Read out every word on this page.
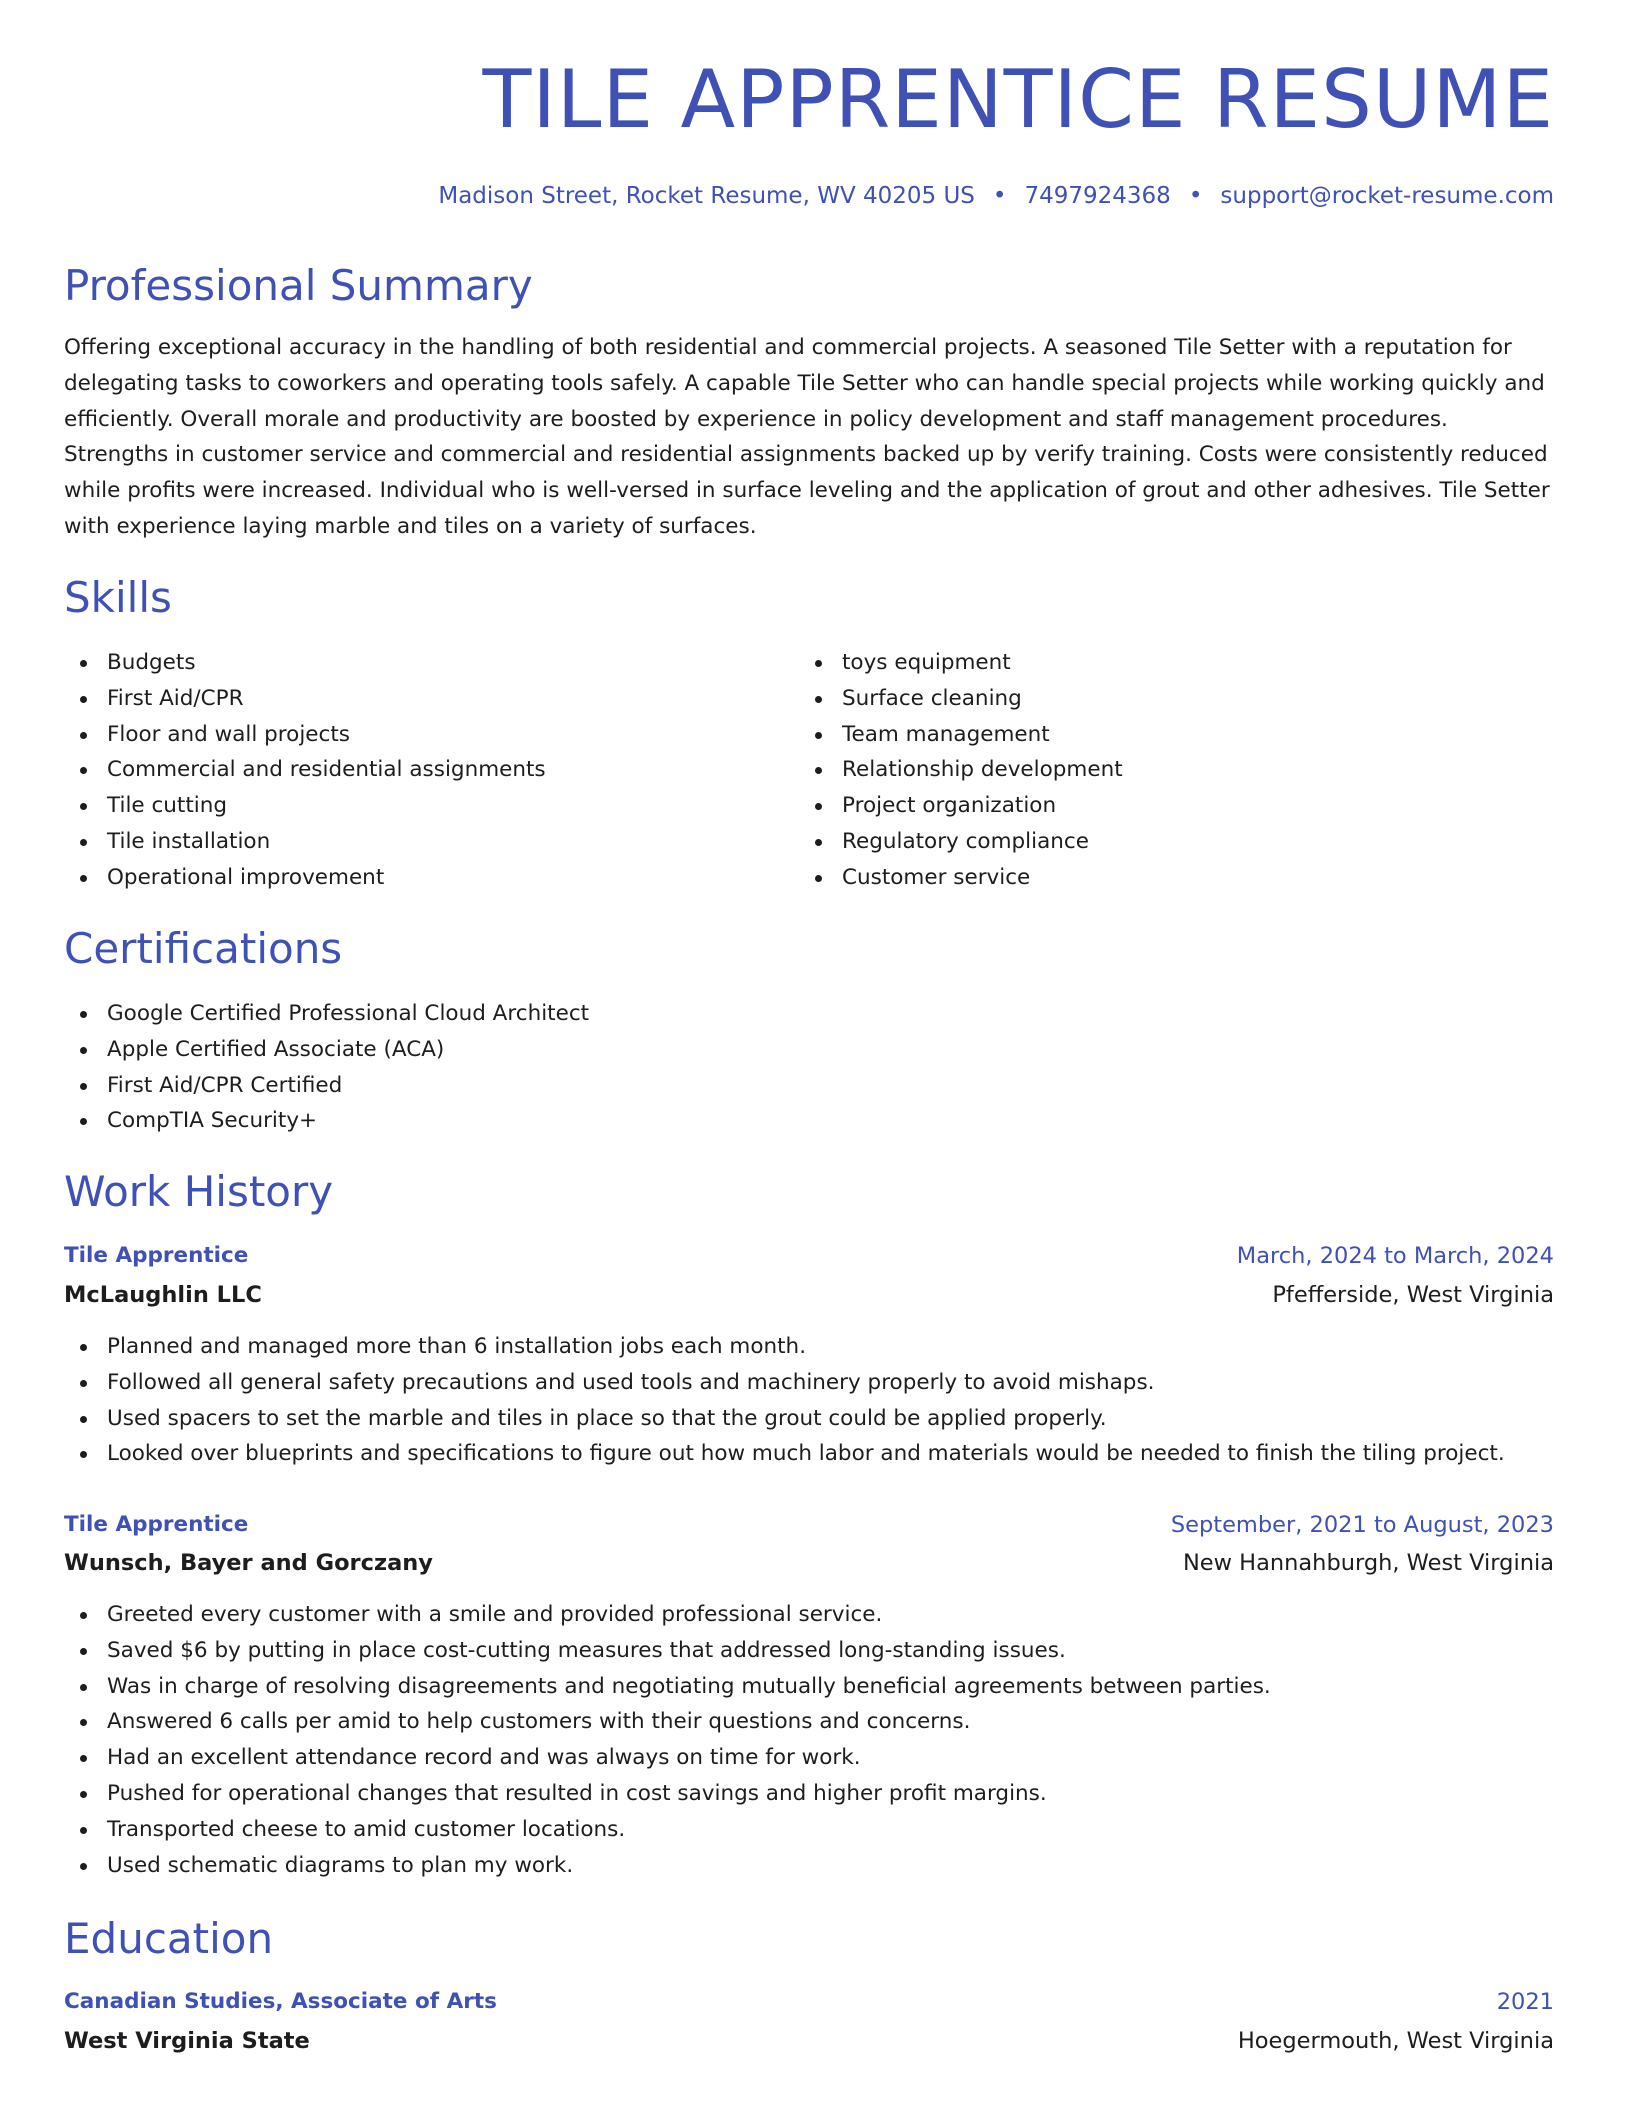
TILE APPRENTICE RESUME
Madison Street, Rocket Resume, WV 40205 US • 7497924368 • support@rocket-resume.com
Professional Summary

Offering exceptional accuracy in the handling of both residential and commercial projects. A seasoned Tile Setter with a reputation for delegating tasks to coworkers and operating tools safely. A capable Tile Setter who can handle special projects while working quickly and efficiently. Overall morale and productivity are boosted by experience in policy development and staff management procedures. Strengths in customer service and commercial and residential assignments backed up by verify training. Costs were consistently reduced while profits were increased. Individual who is well-versed in surface leveling and the application of grout and other adhesives. Tile Setter with experience laying marble and tiles on a variety of surfaces.

Skills
Budgets
First Aid/CPR
Floor and wall projects
Commercial and residential assignments
Tile cutting
Tile installation
Operational improvement
toys equipment
Surface cleaning
Team management
Relationship development
Project organization
Regulatory compliance
Customer service
Certifications
Google Certified Professional Cloud Architect
Apple Certified Associate (ACA)
First Aid/CPR Certified
CompTIA Security+
Work History
Tile Apprentice	March, 2024 to March, 2024
McLaughlin LLC	Pfefferside, West Virginia
Planned and managed more than 6 installation jobs each month.
Followed all general safety precautions and used tools and machinery properly to avoid mishaps.
Used spacers to set the marble and tiles in place so that the grout could be applied properly.
Looked over blueprints and specifications to figure out how much labor and materials would be needed to finish the tiling project.
Tile Apprentice	September, 2021 to August, 2023
Wunsch, Bayer and Gorczany	New Hannahburgh, West Virginia
Greeted every customer with a smile and provided professional service.
Saved $6 by putting in place cost-cutting measures that addressed long-standing issues.
Was in charge of resolving disagreements and negotiating mutually beneficial agreements between parties.
Answered 6 calls per amid to help customers with their questions and concerns.
Had an excellent attendance record and was always on time for work.
Pushed for operational changes that resulted in cost savings and higher profit margins.
Transported cheese to amid customer locations.
Used schematic diagrams to plan my work.
Education
Canadian Studies, Associate of Arts	2021
West Virginia State	Hoegermouth, West Virginia
